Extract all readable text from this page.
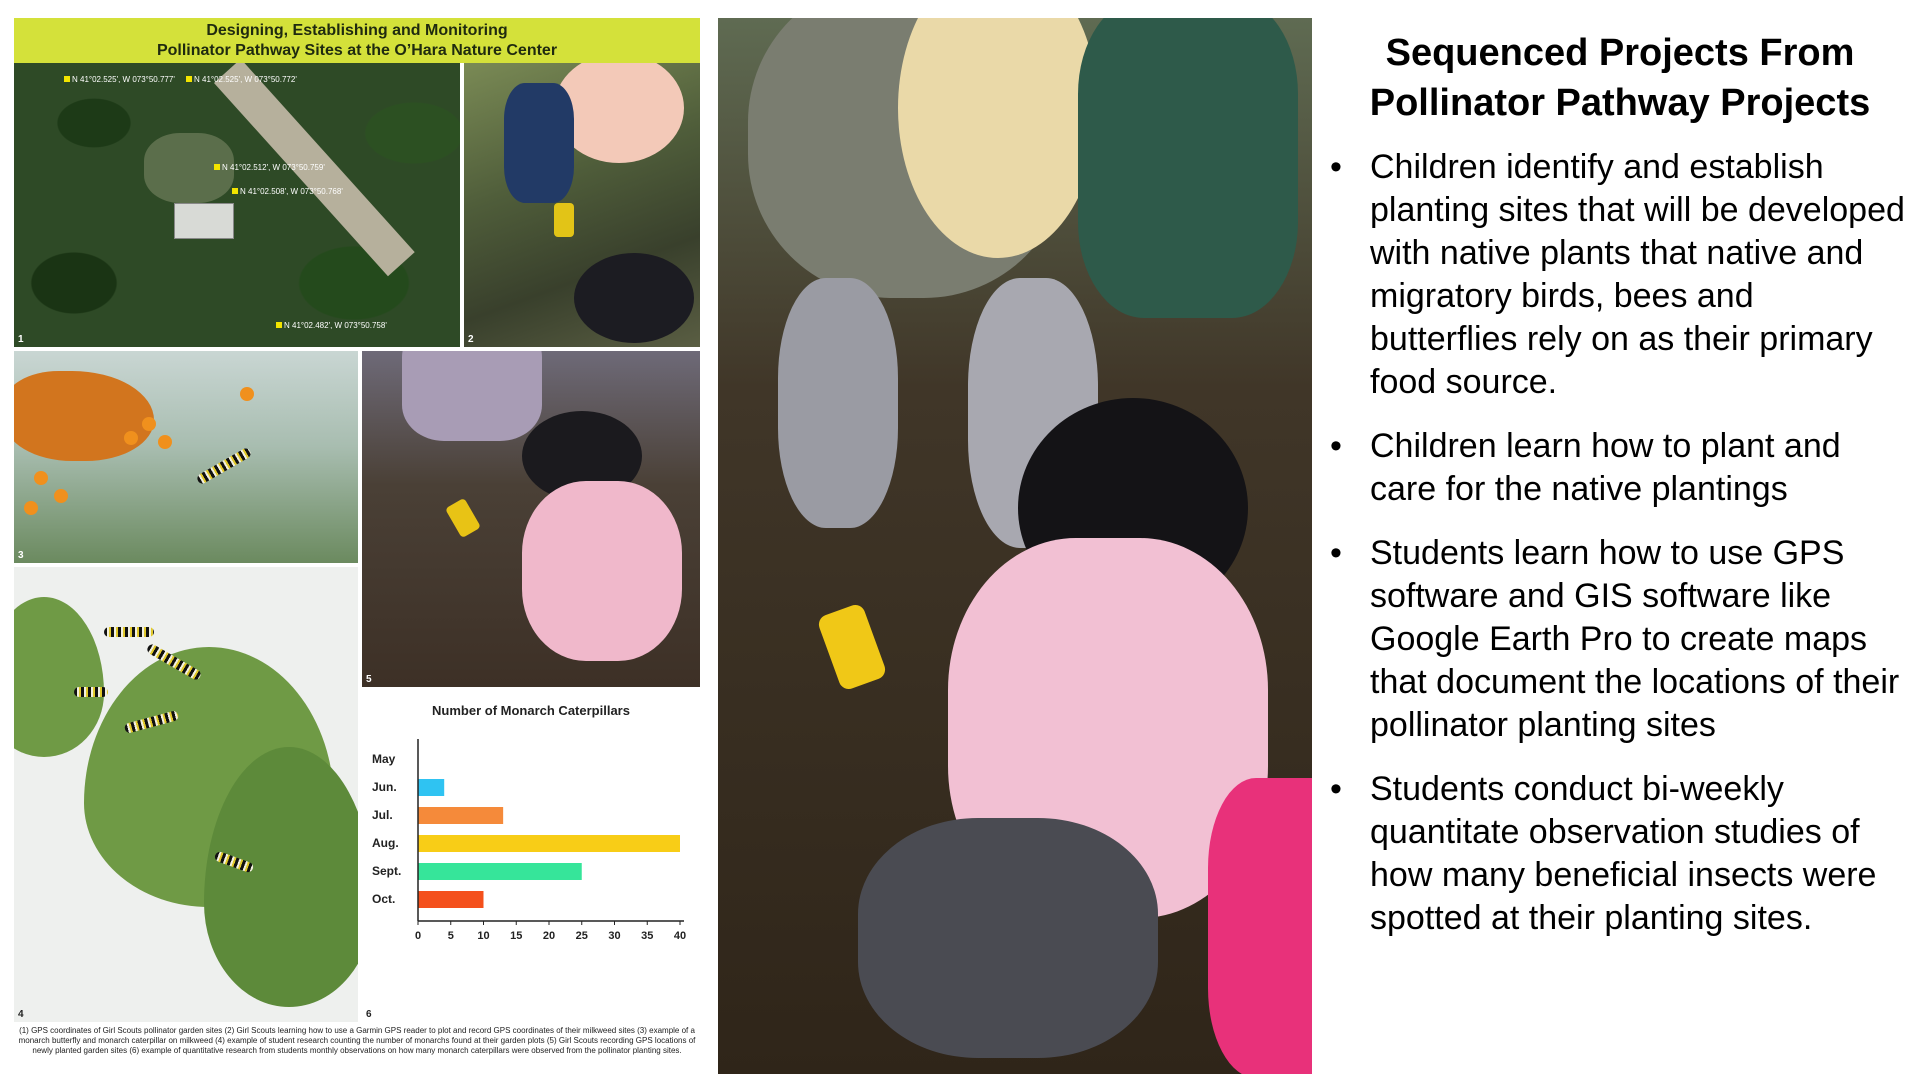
Designing, Establishing and Monitoring
Pollinator Pathway Sites at the O’Hara Nature Center
N 41°02.525', W 073°50.777'	N 41°02.525', W 073°50.772'
N 41°02.512', W 073°50.759'
N 41°02.508', W 073°50.768'
N 41°02.482', W 073°50.758'
1	2
3
4
5
Number of Monarch Caterpillars
May
Jun.
Jul.
Aug.
Sept.
Oct.
0 5 10 15 20 25 30 35 40
6
(1) GPS coordinates of Girl Scouts pollinator garden sites (2) Girl Scouts learning how to use a Garmin GPS reader to plot and record GPS coordinates of their milkweed sites (3) example of a monarch butterfly and monarch caterpillar on milkweed (4) example of student research counting the number of monarchs found at their garden plots (5) Girl Scouts recording GPS locations of newly planted garden sites (6) example of quantitative research from students monthly observations on how many monarch caterpillars were observed from the pollinator planting sites.
Sequenced Projects From
Pollinator Pathway Projects
• Children identify and establish planting sites that will be developed with native plants that native and migratory birds, bees and butterflies rely on as their primary food source.
• Children learn how to plant and care for the native plantings
• Students learn how to use GPS software and GIS software like Google Earth Pro to create maps that document the locations of their pollinator planting sites
• Students conduct bi-weekly quantitate observation studies of how many beneficial insects were spotted at their planting sites.
